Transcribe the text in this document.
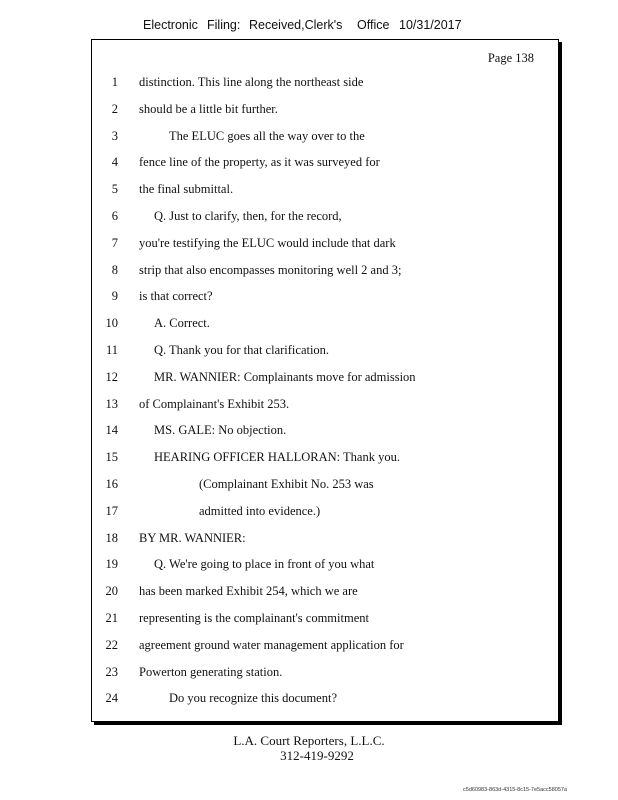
Electronic Filing: Received,Clerk's Office 10/31/2017
Page 138
1 distinction. This line along the northeast side
2 should be a little bit further.
3	The ELUC goes all the way over to the
4 fence line of the property, as it was surveyed for
5 the final submittal.
6	Q. Just to clarify, then, for the record,
7 you're testifying the ELUC would include that dark
8 strip that also encompasses monitoring well 2 and 3;
9 is that correct?
10	A. Correct.
11	Q. Thank you for that clarification.
12	MR. WANNIER: Complainants move for admission
13 of Complainant's Exhibit 253.
14	MS. GALE: No objection.
15	HEARING OFFICER HALLORAN: Thank you.
16	(Complainant Exhibit No. 253 was
17	admitted into evidence.)
18 BY MR. WANNIER:
19	Q. We're going to place in front of you what
20 has been marked Exhibit 254, which we are
21 representing is the complainant's commitment
22 agreement ground water management application for
23 Powerton generating station.
24	Do you recognize this document?
L.A. Court Reporters, L.L.C.
312-419-9292
c5d60983-863d-4315-8c15-7e5acc58057a
